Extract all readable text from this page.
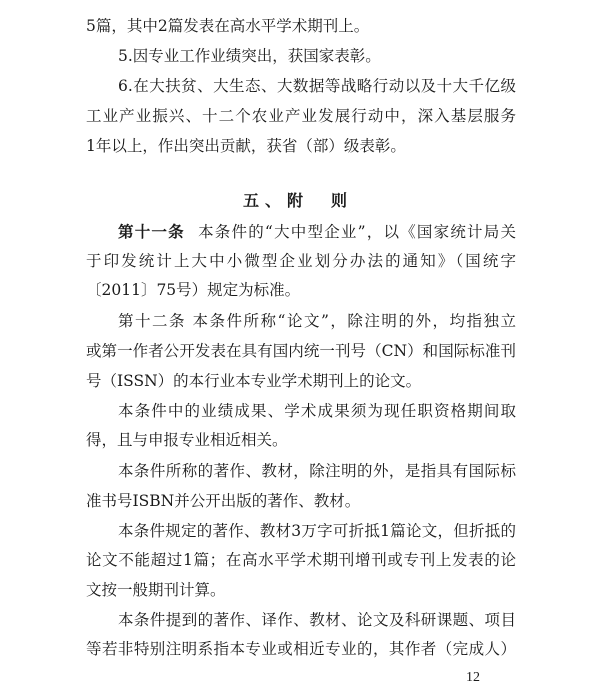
5篇，其中2篇发表在高水平学术期刊上。
5.因专业工作业绩突出，获国家表彰。
6.在大扶贫、大生态、大数据等战略行动以及十大千亿级
工业产业振兴、十二个农业产业发展行动中，深入基层服务
1年以上，作出突出贡献，获省（部）级表彰。
五、附　则
第十一条 本条件的“大中型企业”，以《国家统计局关
于印发统计上大中小微型企业划分办法的通知》（国统字
〔2011〕75号）规定为标准。
第十二条 本条件所称“论文”，除注明的外，均指独立
或第一作者公开发表在具有国内统一刊号（CN）和国际标准刊
号（ISSN）的本行业本专业学术期刊上的论文。
本条件中的业绩成果、学术成果须为现任职资格期间取
得，且与申报专业相近相关。
本条件所称的著作、教材，除注明的外，是指具有国际标
准书号ISBN并公开出版的著作、教材。
本条件规定的著作、教材3万字可折抵1篇论文，但折抵的
论文不能超过1篇；在高水平学术期刊增刊或专刊上发表的论
文按一般期刊计算。
本条件提到的著作、译作、教材、论文及科研课题、项目
等若非特别注明系指本专业或相近专业的，其作者（完成人）
12
